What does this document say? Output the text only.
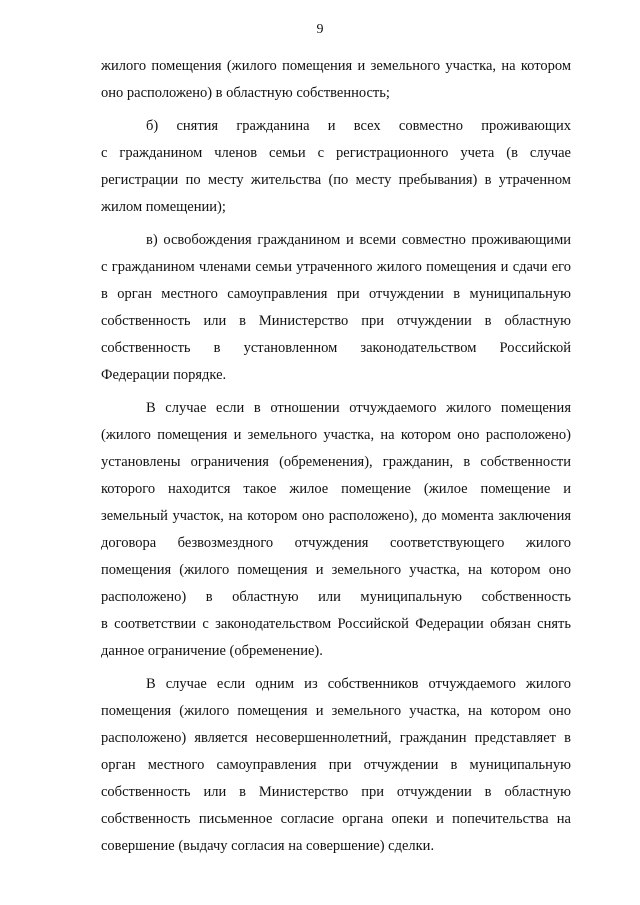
9
жилого помещения (жилого помещения и земельного участка, на котором
оно расположено) в областную собственность;
б) снятия гражданина и всех совместно проживающих
с гражданином членов семьи с регистрационного учета (в случае
регистрации по месту жительства (по месту пребывания) в утраченном
жилом помещении);
в) освобождения гражданином и всеми совместно проживающими
с гражданином членами семьи утраченного жилого помещения и сдачи его
в орган местного самоуправления при отчуждении в муниципальную
собственность или в Министерство при отчуждении в областную
собственность в установленном законодательством Российской
Федерации порядке.
В случае если в отношении отчуждаемого жилого помещения
(жилого помещения и земельного участка, на котором оно расположено)
установлены ограничения (обременения), гражданин, в собственности
которого находится такое жилое помещение (жилое помещение и
земельный участок, на котором оно расположено), до момента заключения
договора безвозмездного отчуждения соответствующего жилого
помещения (жилого помещения и земельного участка, на котором оно
расположено) в областную или муниципальную собственность
в соответствии с законодательством Российской Федерации обязан снять
данное ограничение (обременение).
В случае если одним из собственников отчуждаемого жилого
помещения (жилого помещения и земельного участка, на котором оно
расположено) является несовершеннолетний, гражданин представляет в
орган местного самоуправления при отчуждении в муниципальную
собственность или в Министерство при отчуждении в областную
собственность письменное согласие органа опеки и попечительства на
совершение (выдачу согласия на совершение) сделки.
